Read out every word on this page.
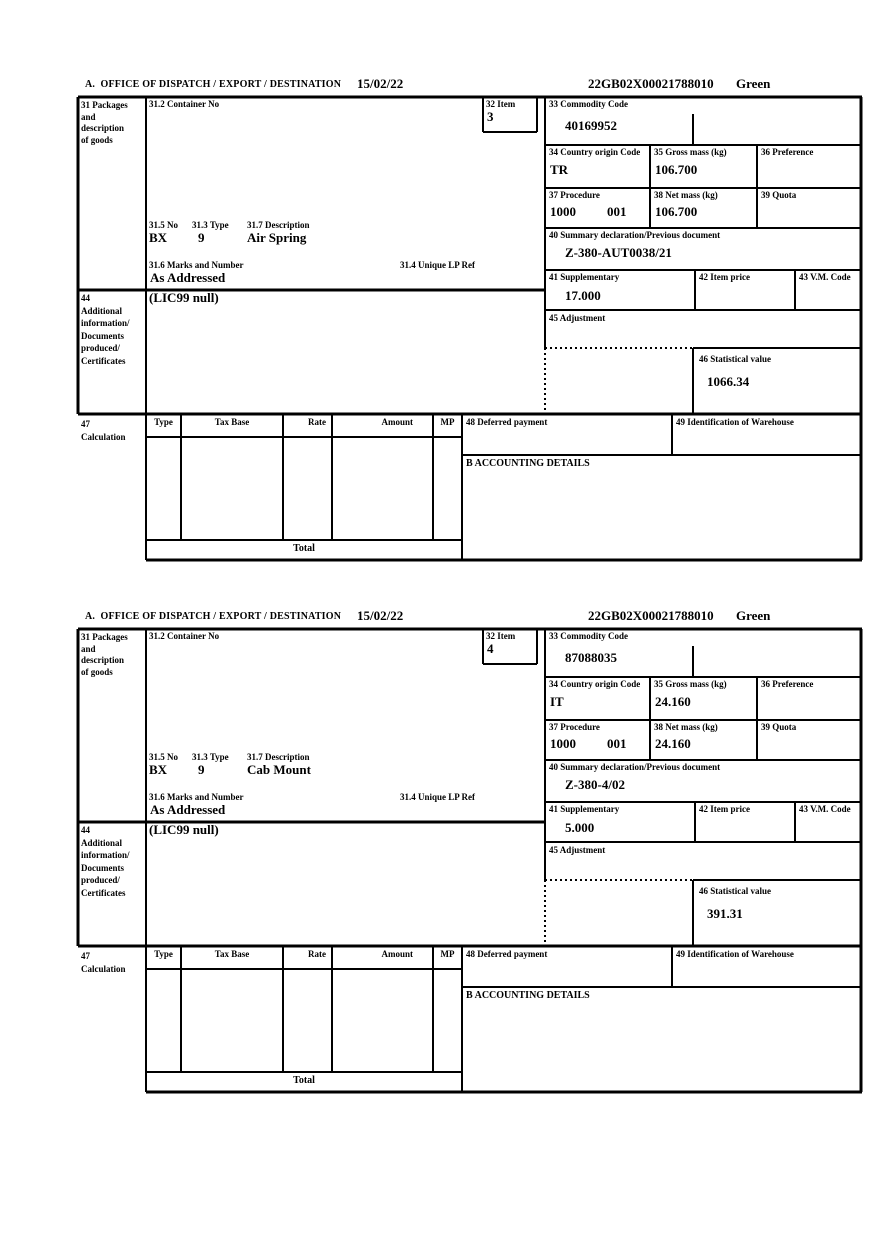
A.  OFFICE OF DISPATCH / EXPORT / DESTINATION 15/02/22	22GB02X00021788010 Green
31 Packages
and
description
of goods
31.2 Container No	32 Item
3
33 Commodity Code
40169952
34 Country origin Code
TR
35 Gross mass (kg)
106.700
36 Preference
37 Procedure
1000 001
38 Net mass (kg)
106.700
39 Quota
40 Summary declaration/Previous document
Z-380-AUT0038/21
41 Supplementary
17.000
42 Item price	43 V.M. Code
45 Adjustment
46 Statistical value
1066.34
31.5 No 31.3 Type 31.7 Description
BX 9	Air Spring
31.6 Marks and Number	31.4 Unique LP Ref
As Addressed
44
Additional
information/
Documents
produced/
Certificates
(LIC99 null)
47
Calculation
Type	Tax Base	Rate	Amount	MP	48 Deferred payment	49 Identification of Warehouse
B ACCOUNTING DETAILS
Total
A.  OFFICE OF DISPATCH / EXPORT / DESTINATION 15/02/22	22GB02X00021788010 Green
31 Packages
and
description
of goods
31.2 Container No	32 Item
4
33 Commodity Code
87088035
34 Country origin Code
IT
35 Gross mass (kg)
24.160
36 Preference
37 Procedure
1000 001
38 Net mass (kg)
24.160
39 Quota
40 Summary declaration/Previous document
Z-380-4/02
41 Supplementary
5.000
42 Item price	43 V.M. Code
45 Adjustment
46 Statistical value
391.31
31.5 No 31.3 Type 31.7 Description
BX 9	Cab Mount
31.6 Marks and Number	31.4 Unique LP Ref
As Addressed
44
Additional
information/
Documents
produced/
Certificates
(LIC99 null)
47
Calculation
Type	Tax Base	Rate	Amount	MP	48 Deferred payment	49 Identification of Warehouse
B ACCOUNTING DETAILS
Total
